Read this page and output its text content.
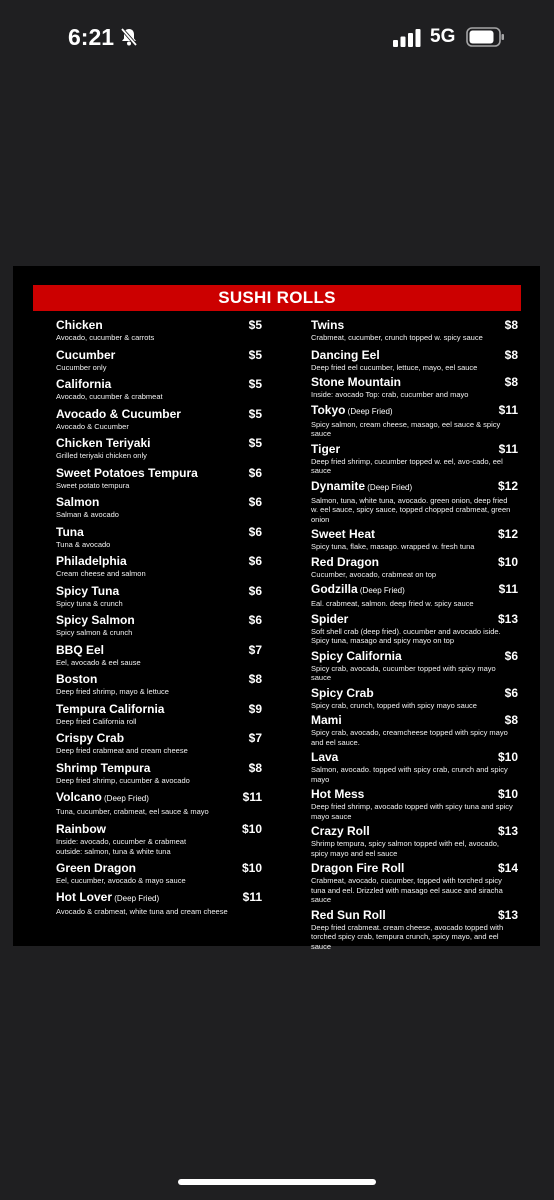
6:21	5G
SUSHI ROLLS
Chicken	$5
Avocado, cucumber & carrots
Cucumber	$5
Cucumber only
California	$5
Avocado, cucumber & crabmeat
Avocado & Cucumber	$5
Avocado & Cucumber
Chicken Teriyaki	$5
Grilled teriyaki chicken only
Sweet Potatoes Tempura	$6
Sweet potato tempura
Salmon	$6
Salman & avocado
Tuna	$6
Tuna & avocado
Philadelphia	$6
Cream cheese and salmon
Spicy Tuna	$6
Spicy tuna & crunch
Spicy Salmon	$6
Spicy salmon & crunch
BBQ Eel	$7
Eel, avocado & eel sause
Boston	$8
Deep fried shrimp, mayo & lettuce
Tempura California	$9
Deep fried California roll
Crispy Crab	$7
Deep fried crabmeat and cream cheese
Shrimp Tempura	$8
Deep fried shrimp, cucumber & avocado
Volcano (Deep Fried)	$11
Tuna, cucumber, crabmeat, eel sauce & mayo
Rainbow	$10
Inside: avocado, cucumber & crabmeat
outside: salmon, tuna & white tuna
Green Dragon	$10
Eel, cucumber, avocado & mayo sauce
Hot Lover (Deep Fried)	$11
Avocado & crabmeat, white tuna and cream cheese
Twins	$8
Crabmeat, cucumber, crunch topped w. spicy sauce
Dancing Eel	$8
Deep fried eel cucumber, lettuce, mayo, eel sauce
Stone Mountain	$8
Inside: avocado Top: crab, cucumber and mayo
Tokyo (Deep Fried)	$11
Spicy salmon, cream cheese, masago, eel sauce & spicy sauce
Tiger	$11
Deep fried shrimp, cucumber topped w. eel, avo-cado, eel sauce
Dynamite (Deep Fried)	$12
Salmon, tuna, white tuna, avocado. green onion, deep fried w. eel sauce, spicy sauce, topped chopped crabmeat, green onion
Sweet Heat	$12
Spicy tuna, flake, masago. wrapped w. fresh tuna
Red Dragon	$10
Cucumber, avocado, crabmeat on top
Godzilla (Deep Fried)	$11
Eal. crabmeat, salmon. deep fried w. spicy sauce
Spider	$13
Soft shell crab (deep fried). cucumber and avocado iside. Spicy tuna, masago and spicy mayo on top
Spicy California	$6
Spicy crab, avocada, cucumber topped with spicy mayo sauce
Spicy Crab	$6
Spicy crab, crunch, topped with spicy mayo sauce
Mami	$8
Spicy crab, avocado, creamcheese topped with spicy mayo and eel sauce.
Lava	$10
Salmon, avocado. topped with spicy crab, crunch and spicy mayo
Hot Mess	$10
Deep fried shrimp, avocado topped with spicy tuna and spicy mayo sauce
Crazy Roll	$13
Shrimp tempura, spicy salmon topped with eel, avocado, spicy mayo and eel sauce
Dragon Fire Roll	$14
Crabmeat, avocado, cucumber, topped with torched spicy tuna and eel. Drizzled with masago eel sauce and siracha sauce
Red Sun Roll	$13
Deep fried crabmeat. cream cheese, avocado topped with torched spicy crab, tempura crunch, spicy mayo, and eel sauce
